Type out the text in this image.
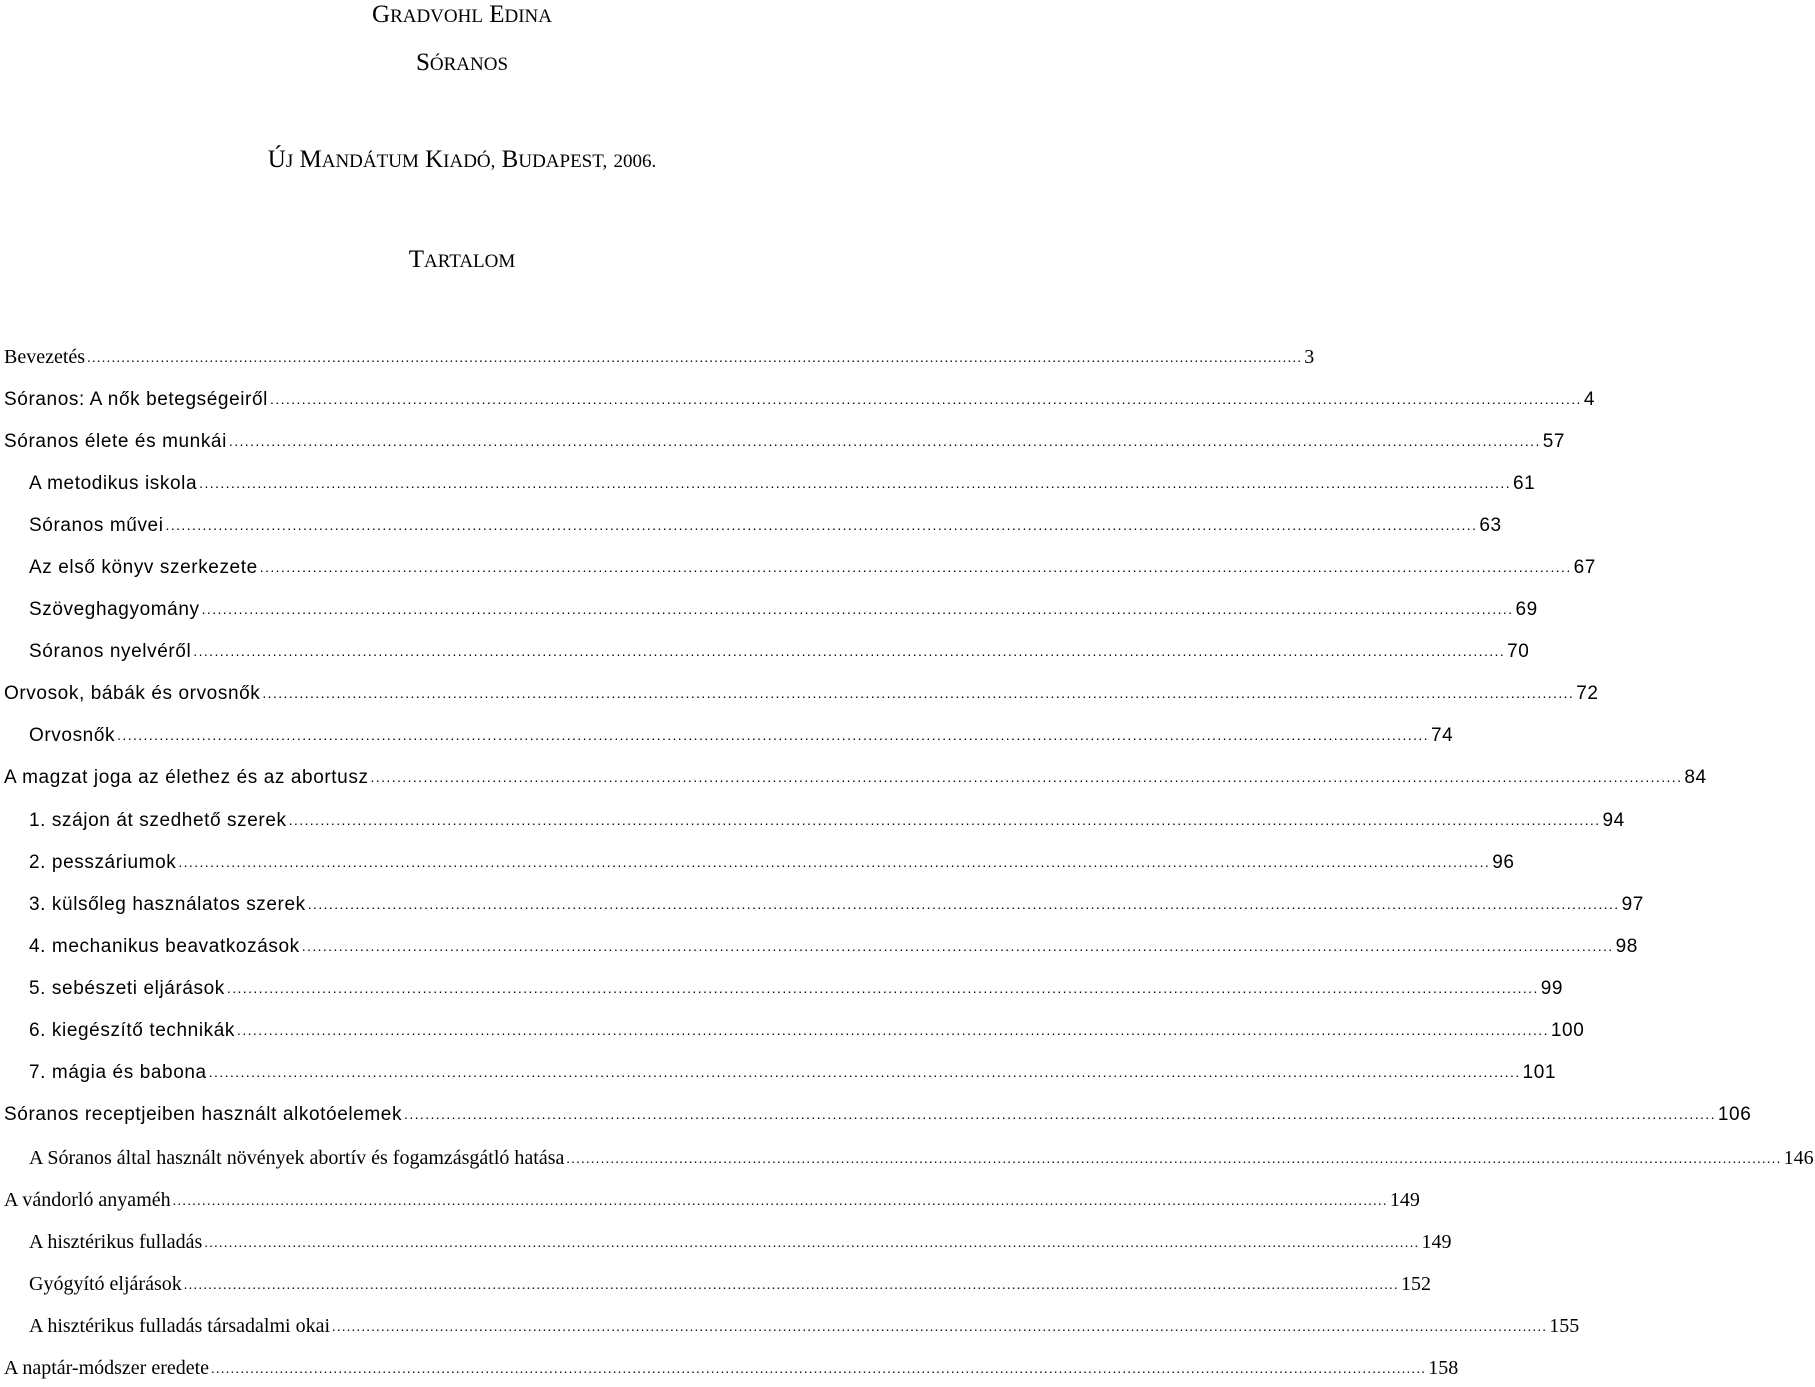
GRADVOHL EDINA
SÓRANOS
ÚJ MANDÁTUM KIADÓ, BUDAPEST, 2006.
TARTALOM
Bevezetés ........................................................................................................................................................................................................................................................ 3
Sóranos: A nők betegségeiről ........................................................................................................................................................................................................................................................ 4
Sóranos élete és munkái ........................................................................................................................................................................................................................................................ 57
A metodikus iskola ........................................................................................................................................................................................................................................................ 61
Sóranos művei ........................................................................................................................................................................................................................................................ 63
Az első könyv szerkezete ........................................................................................................................................................................................................................................................ 67
Szöveghagyomány ........................................................................................................................................................................................................................................................ 69
Sóranos nyelvéről ........................................................................................................................................................................................................................................................ 70
Orvosok, bábák és orvosnők ........................................................................................................................................................................................................................................................ 72
Orvosnők ........................................................................................................................................................................................................................................................ 74
A magzat joga az élethez és az abortusz ........................................................................................................................................................................................................................................................ 84
1. szájon át szedhető szerek ........................................................................................................................................................................................................................................................ 94
2. pesszáriumok ........................................................................................................................................................................................................................................................ 96
3. külsőleg használatos szerek ........................................................................................................................................................................................................................................................ 97
4. mechanikus beavatkozások ........................................................................................................................................................................................................................................................ 98
5. sebészeti eljárások ........................................................................................................................................................................................................................................................ 99
6. kiegészítő technikák ........................................................................................................................................................................................................................................................ 100
7. mágia és babona ........................................................................................................................................................................................................................................................ 101
Sóranos receptjeiben használt alkotóelemek ........................................................................................................................................................................................................................................................ 106
A Sóranos által használt növények abortív és fogamzásgátló hatása ........................................................................................................................................................................................................................................................ 146
A vándorló anyaméh ........................................................................................................................................................................................................................................................ 149
A hisztérikus fulladás ........................................................................................................................................................................................................................................................ 149
Gyógyító eljárások ........................................................................................................................................................................................................................................................ 152
A hisztérikus fulladás társadalmi okai ........................................................................................................................................................................................................................................................ 155
A naptár-módszer eredete ........................................................................................................................................................................................................................................................ 158
